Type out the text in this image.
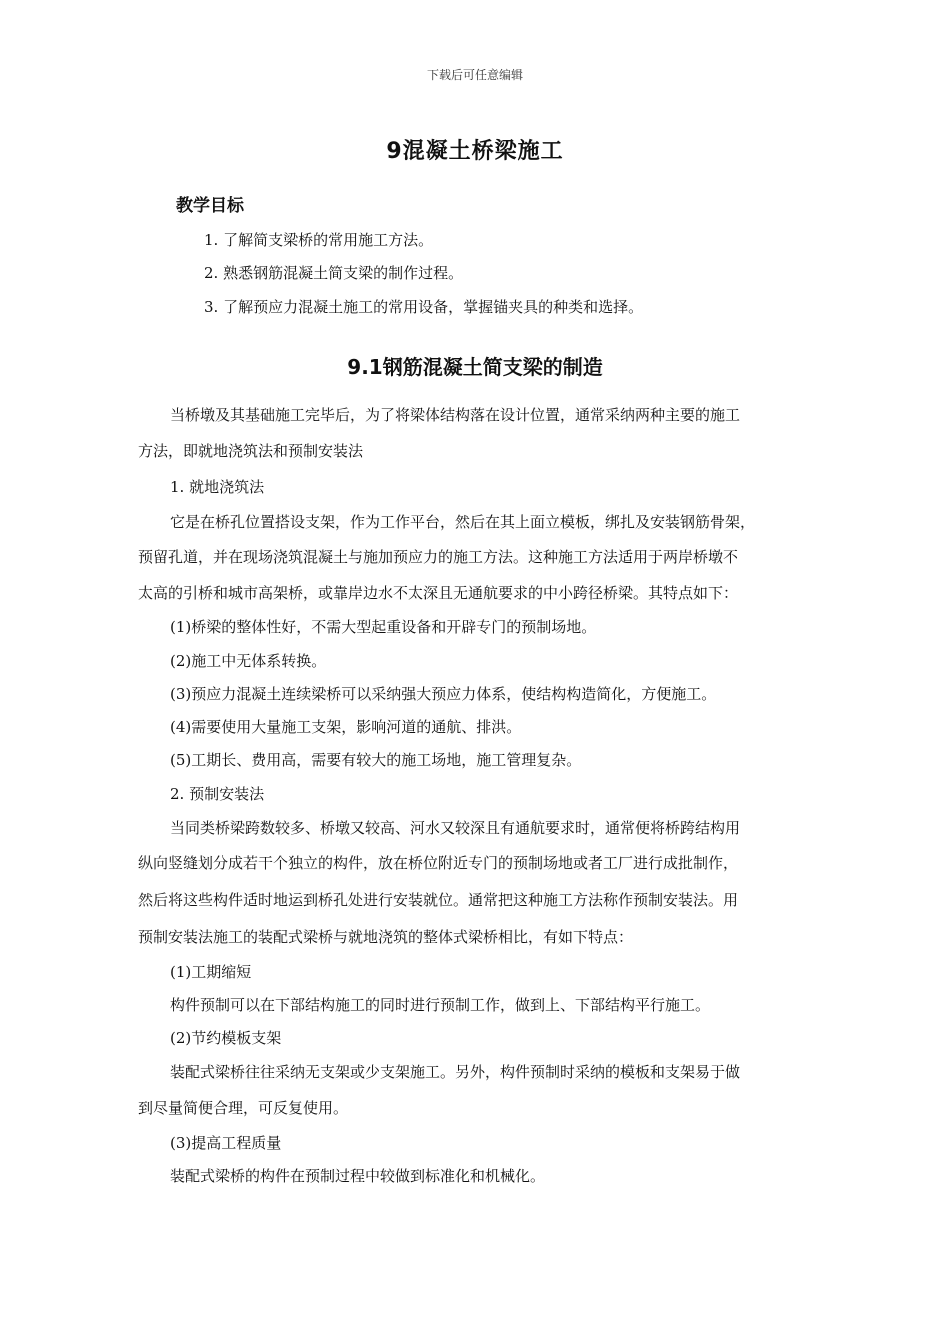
下载后可任意编辑
9混凝土桥梁施工
教学目标
1. 了解简支梁桥的常用施工方法。
2. 熟悉钢筋混凝土简支梁的制作过程。
3. 了解预应力混凝土施工的常用设备，掌握锚夹具的种类和选择。
9.1钢筋混凝土简支梁的制造
当桥墩及其基础施工完毕后，为了将梁体结构落在设计位置，通常采纳两种主要的施工
方法，即就地浇筑法和预制安装法
1. 就地浇筑法
它是在桥孔位置搭设支架，作为工作平台，然后在其上面立模板，绑扎及安装钢筋骨架，
预留孔道，并在现场浇筑混凝土与施加预应力的施工方法。这种施工方法适用于两岸桥墩不
太高的引桥和城市高架桥，或靠岸边水不太深且无通航要求的中小跨径桥梁。其特点如下：
(1)桥梁的整体性好，不需大型起重设备和开辟专门的预制场地。
(2)施工中无体系转换。
(3)预应力混凝土连续梁桥可以采纳强大预应力体系，使结构构造简化，方便施工。
(4)需要使用大量施工支架，影响河道的通航、排洪。
(5)工期长、费用高，需要有较大的施工场地，施工管理复杂。
2. 预制安装法
当同类桥梁跨数较多、桥墩又较高、河水又较深且有通航要求时，通常便将桥跨结构用
纵向竖缝划分成若干个独立的构件，放在桥位附近专门的预制场地或者工厂进行成批制作，
然后将这些构件适时地运到桥孔处进行安装就位。通常把这种施工方法称作预制安装法。用
预制安装法施工的装配式梁桥与就地浇筑的整体式梁桥相比，有如下特点：
(1)工期缩短
构件预制可以在下部结构施工的同时进行预制工作，做到上、下部结构平行施工。
(2)节约模板支架
装配式梁桥往往采纳无支架或少支架施工。另外，构件预制时采纳的模板和支架易于做
到尽量简便合理，可反复使用。
(3)提高工程质量
装配式梁桥的构件在预制过程中较做到标准化和机械化。
